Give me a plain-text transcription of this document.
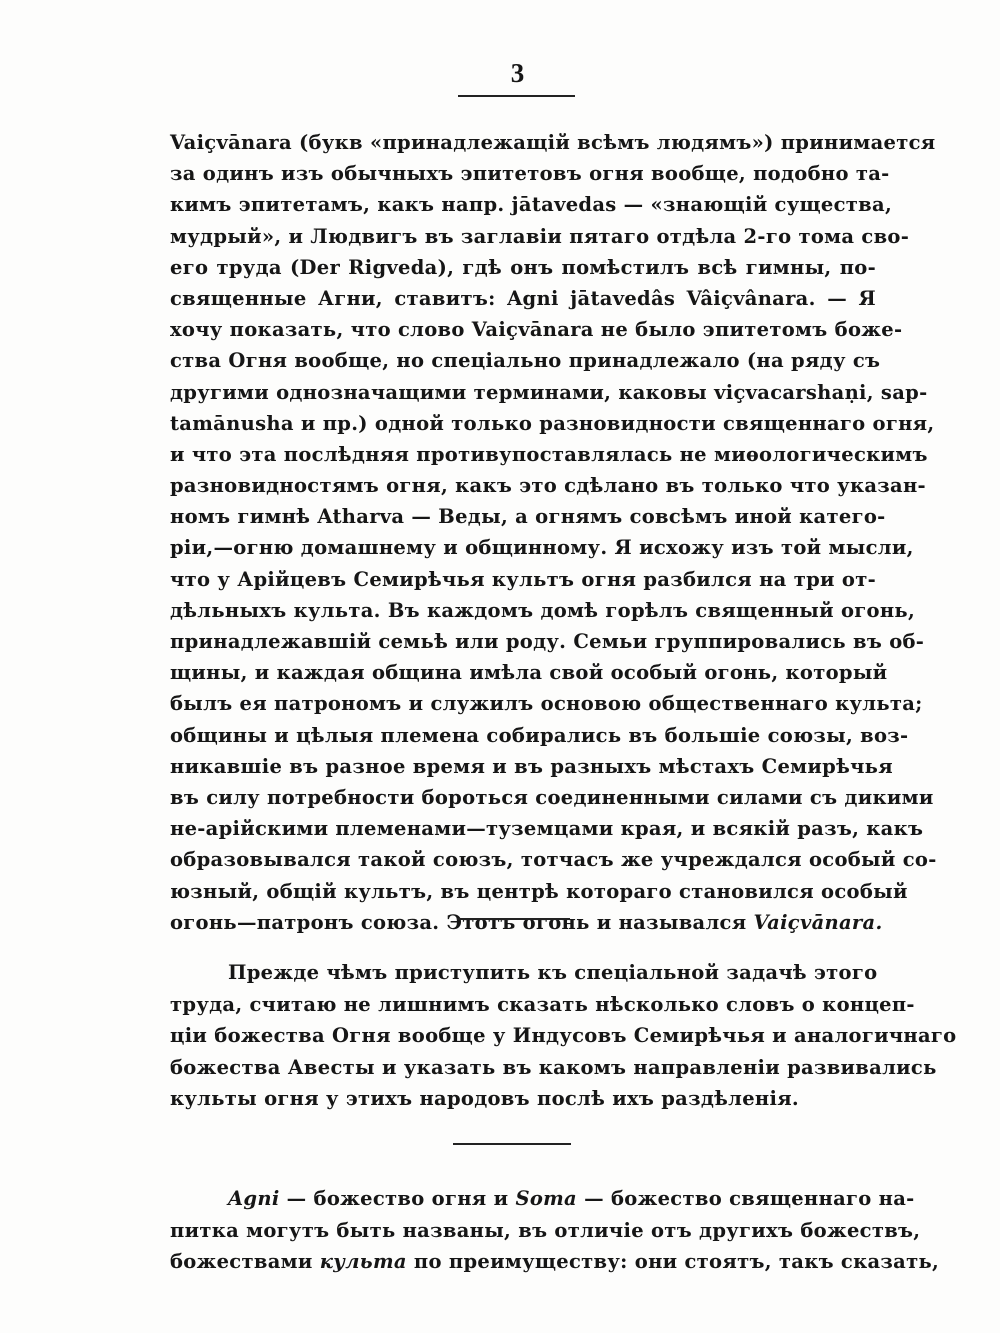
3
Vaiçvānara (букв «принадлежащій всѣмъ людямъ») принимается
за одинъ изъ обычныхъ эпитетовъ огня вообще, подобно та-
кимъ эпитетамъ, какъ напр. jātavedas — «знающій существа,
мудрый», и Людвигъ въ заглавіи пятаго отдѣла 2-го тома сво-
его труда (Der Rigveda), гдѣ онъ помѣстилъ всѣ гимны, по-
священные Агни, ставитъ: Agni jātavedâs Vâiçvânara. — Я
хочу показать, что слово Vaiçvānara не было эпитетомъ боже-
ства Огня вообще, но спеціально принадлежало (на ряду съ
другими однозначащими терминами, каковы viçvacarshaṇi, sap-
tamānusha и пр.) одной только разновидности священнаго огня,
и что эта послѣдняя противупоставлялась не миѳологическимъ
разновидностямъ огня, какъ это сдѣлано въ только что указан-
номъ гимнѣ Atharva — Веды, а огнямъ совсѣмъ иной катего-
ріи,—огню домашнему и общинному. Я исхожу изъ той мысли,
что у Арійцевъ Семирѣчья культъ огня разбился на три от-
дѣльныхъ культа. Въ каждомъ домѣ горѣлъ священный огонь,
принадлежавшій семьѣ или роду. Семьи группировались въ об-
щины, и каждая община имѣла свой особый огонь, который
былъ ея патрономъ и служилъ основою общественнаго культа;
общины и цѣлыя племена собирались въ большіе союзы, воз-
никавшіе въ разное время и въ разныхъ мѣстахъ Семирѣчья
въ силу потребности бороться соединенными силами съ дикими
не-арійскими племенами—туземцами края, и всякій разъ, какъ
образовывался такой союзъ, тотчасъ же учреждался особый со-
юзный, общій культъ, въ центрѣ котораго становился особый
огонь—патронъ союза. Этотъ огонь и назывался Vaiçvānara.
Прежде чѣмъ приступить къ спеціальной задачѣ этого
труда, считаю не лишнимъ сказать нѣсколько словъ о концеп-
ціи божества Огня вообще у Индусовъ Семирѣчья и аналогичнаго
божества Авесты и указать въ какомъ направленіи развивались
культы огня у этихъ народовъ послѣ ихъ раздѣленія.
Agni — божество огня и Soma — божество священнаго на-
питка могутъ быть названы, въ отличіе отъ другихъ божествъ,
божествами культа по преимуществу: они стоятъ, такъ сказать,
